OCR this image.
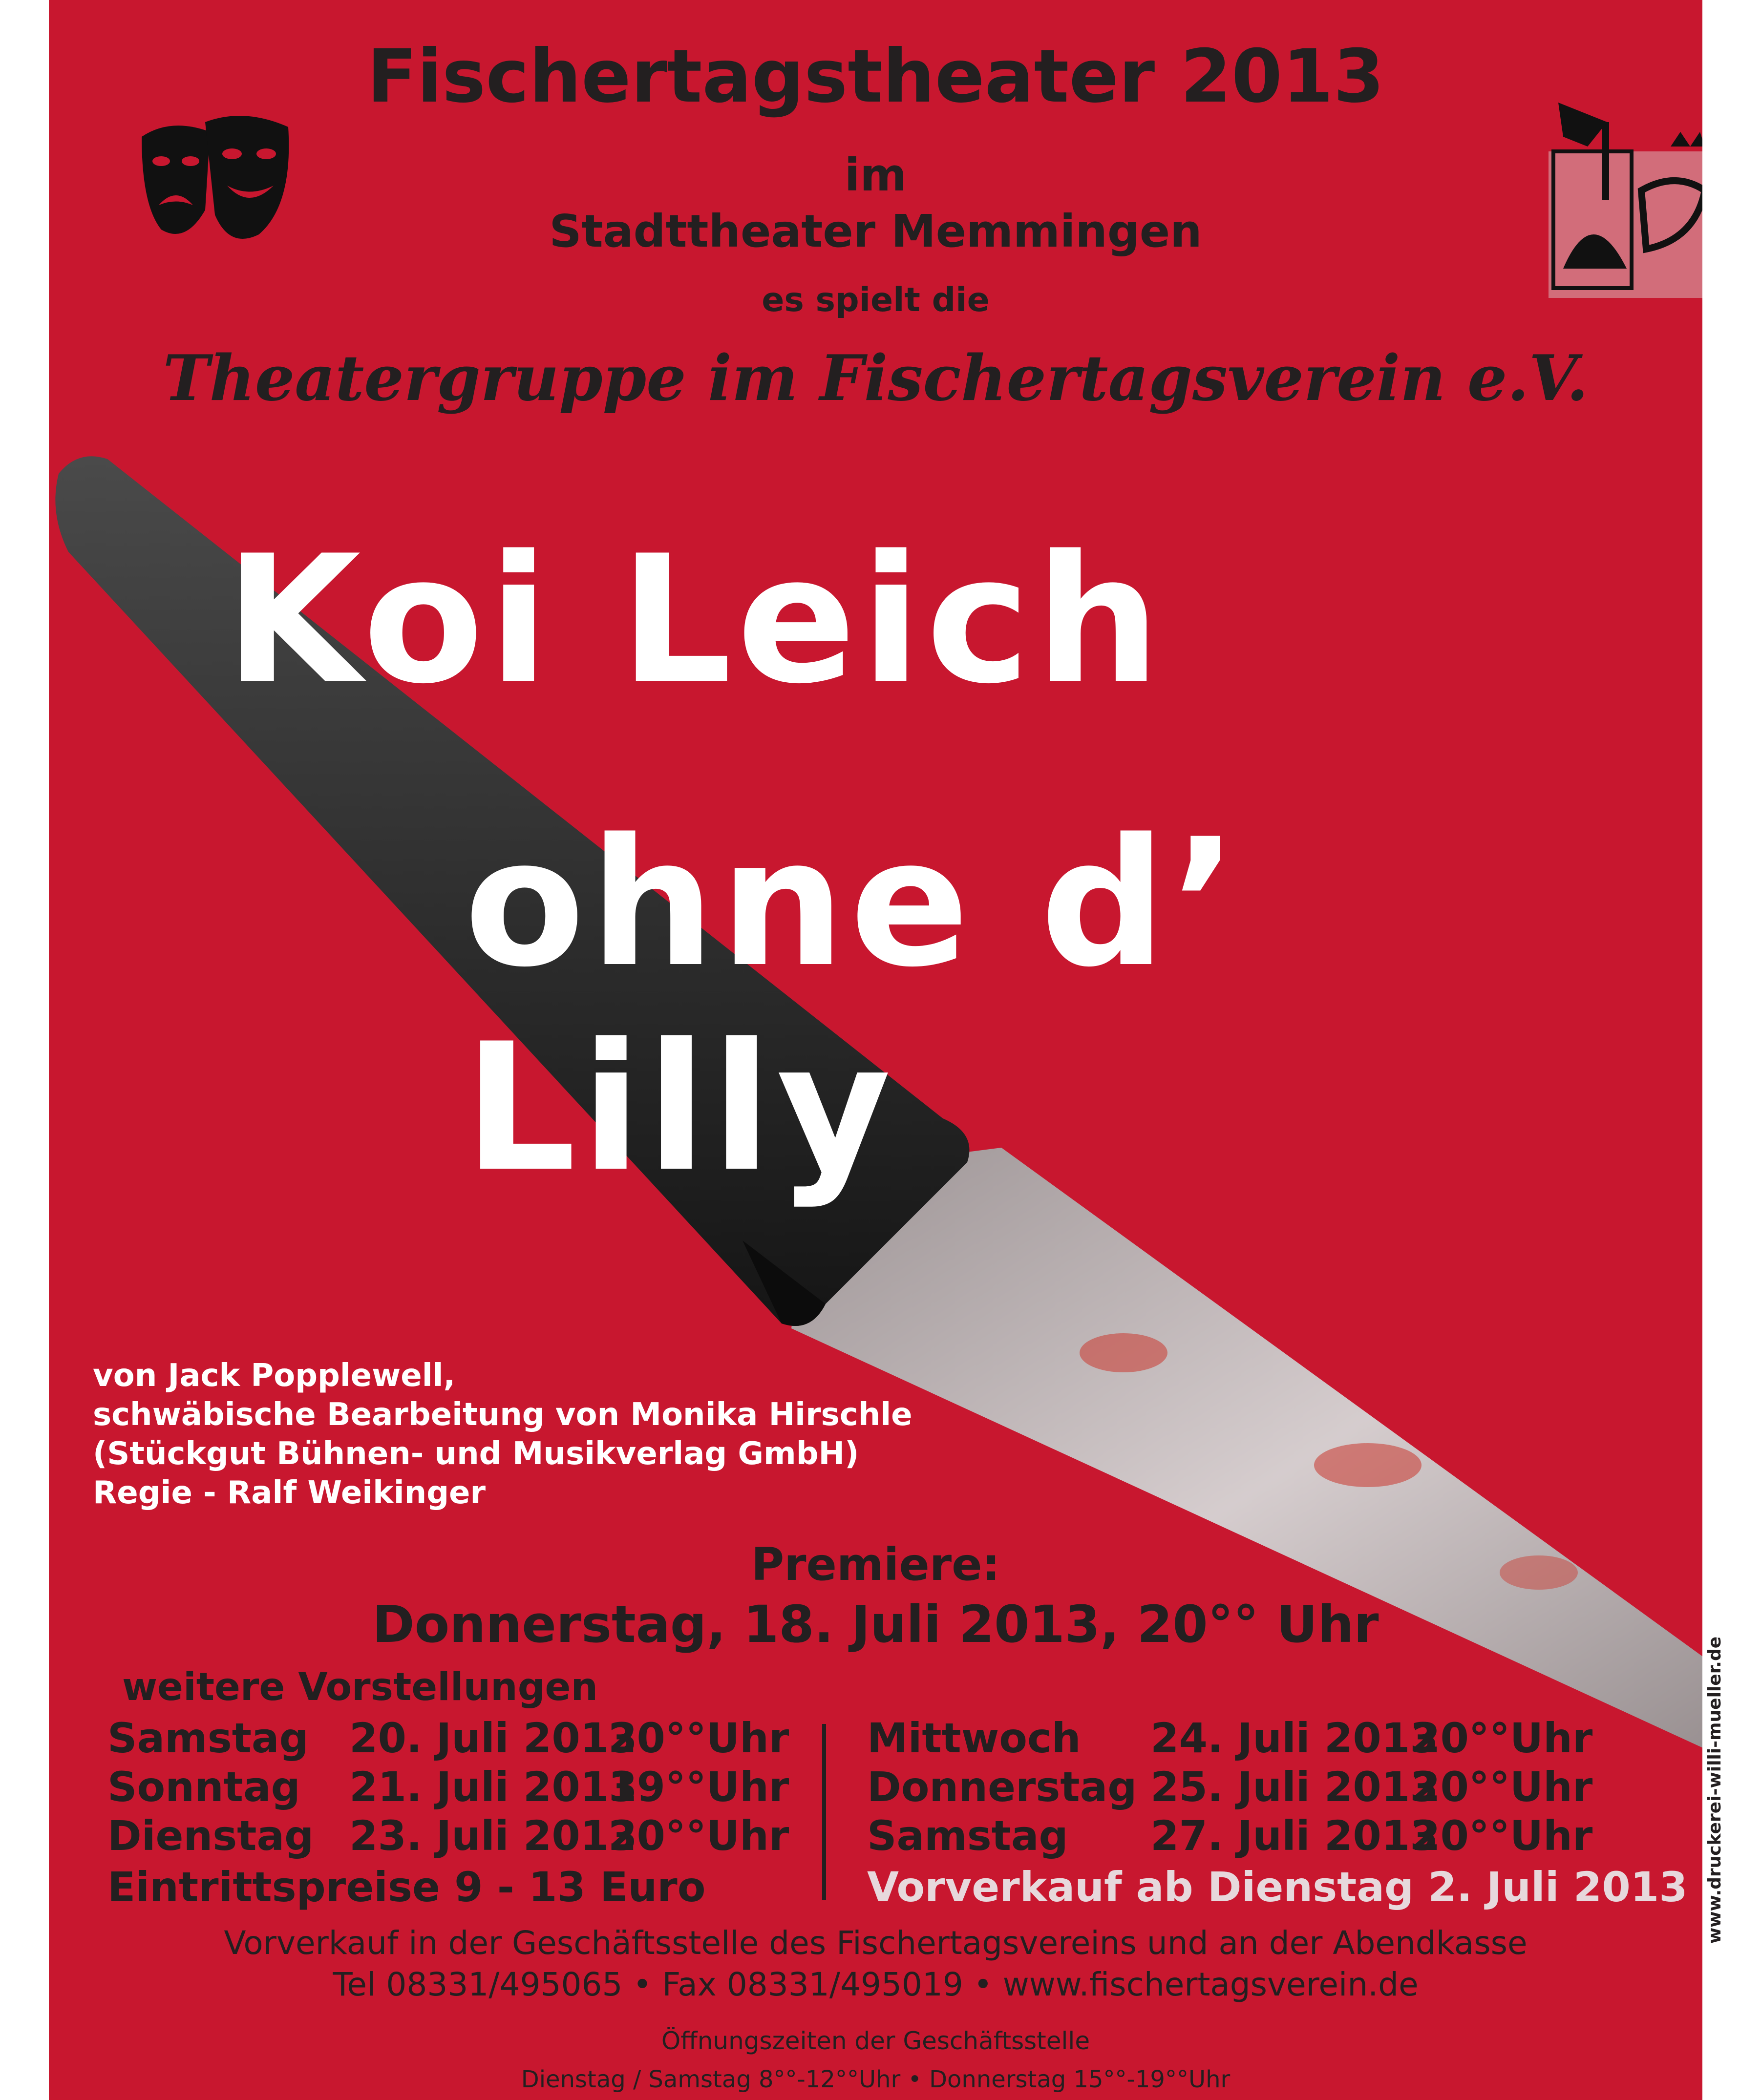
Fischertagstheater 2013
im
Stadttheater Memmingen
es spielt die
Theatergruppe im Fischertagsverein e.V.
Koi Leich
ohne d’ Lilly
von Jack Popplewell,
schwäbische Bearbeitung von Monika Hirschle
(Stückgut Bühnen- und Musikverlag GmbH)
Regie - Ralf Weikinger
Premiere:
Donnerstag, 18. Juli 2013, 20°° Uhr
weitere Vorstellungen
Samstag 20. Juli 2013
20°°Uhr
Sonntag 21. Juli 2013
19°°Uhr
Dienstag 23. Juli 2013
20°°Uhr
Mittwoch 24. Juli 2013
20°°Uhr
Donnerstag 25. Juli 2013
20°°Uhr
Samstag 27. Juli 2013
20°°Uhr
Eintrittspreise 9 - 13 Euro	Vorverkauf ab Dienstag 2. Juli 2013
Vorverkauf in der Geschäftsstelle des Fischertagsvereins und an der Abendkasse
Tel 08331/495065 • Fax 08331/495019 • www.fischertagsverein.de
Öffnungszeiten der Geschäftsstelle
Dienstag / Samstag 8°°-12°°Uhr • Donnerstag 15°°-19°°Uhr
www.druckerei-willi-mueller.de
